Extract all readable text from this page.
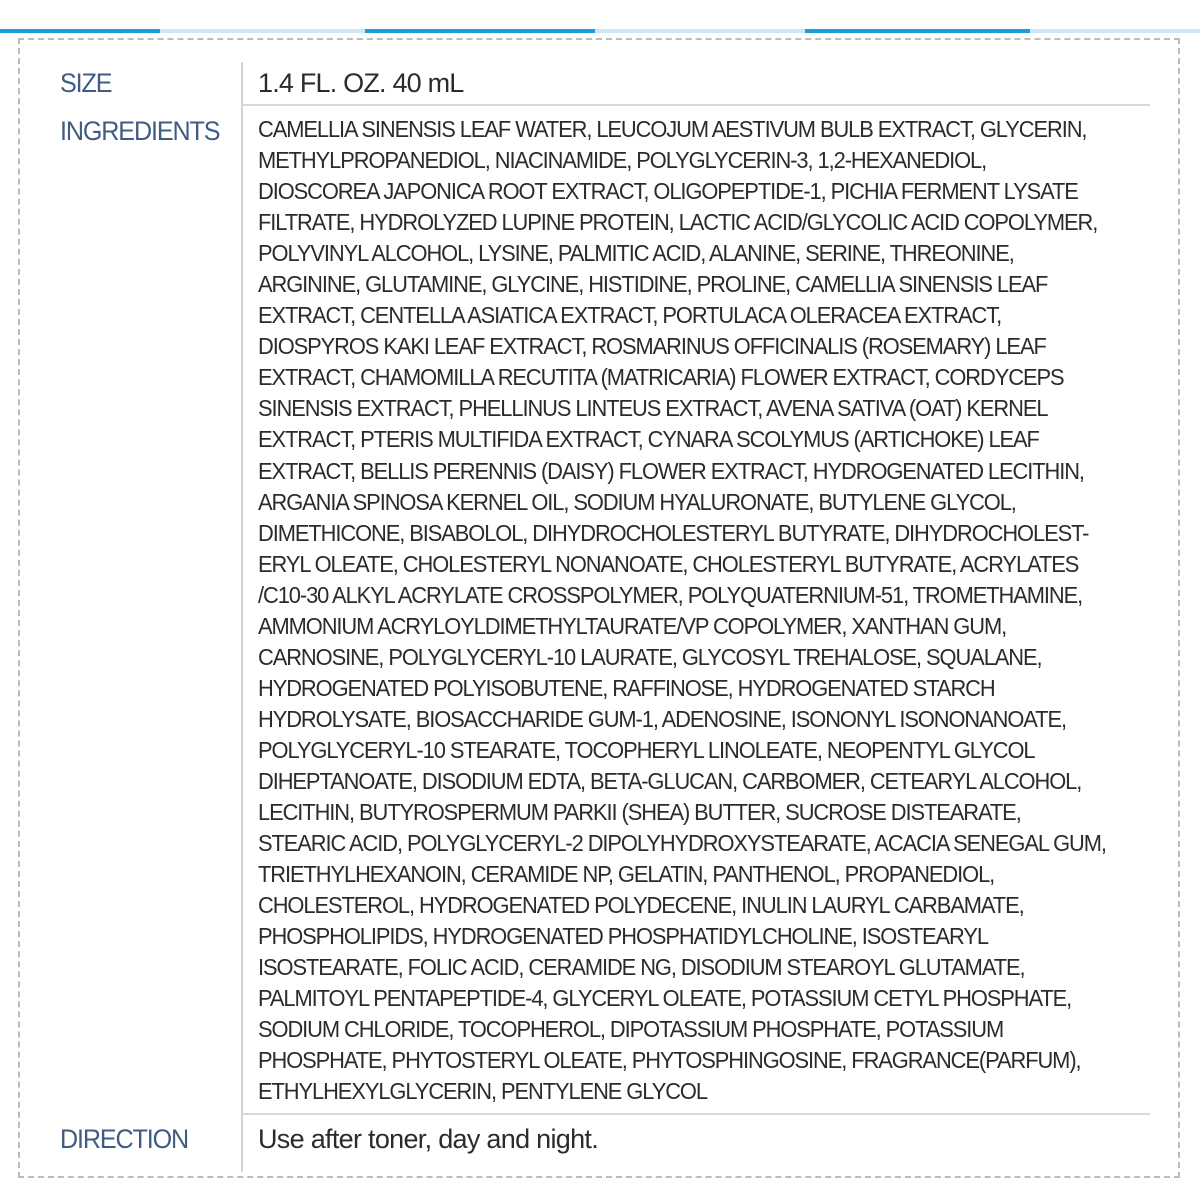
SIZE	1.4 FL. OZ. 40 mL
INGREDIENTS CAMELLIA SINENSIS LEAF WATER, LEUCOJUM AESTIVUM BULB EXTRACT, GLYCERIN,
METHYLPROPANEDIOL, NIACINAMIDE, POLYGLYCERIN-3, 1,2-HEXANEDIOL,
DIOSCOREA JAPONICA ROOT EXTRACT, OLIGOPEPTIDE-1, PICHIA FERMENT LYSATE
FILTRATE, HYDROLYZED LUPINE PROTEIN, LACTIC ACID/GLYCOLIC ACID COPOLYMER,
POLYVINYL ALCOHOL, LYSINE, PALMITIC ACID, ALANINE, SERINE, THREONINE,
ARGININE, GLUTAMINE, GLYCINE, HISTIDINE, PROLINE, CAMELLIA SINENSIS LEAF
EXTRACT, CENTELLA ASIATICA EXTRACT, PORTULACA OLERACEA EXTRACT,
DIOSPYROS KAKI LEAF EXTRACT, ROSMARINUS OFFICINALIS (ROSEMARY) LEAF
EXTRACT, CHAMOMILLA RECUTITA (MATRICARIA) FLOWER EXTRACT, CORDYCEPS
SINENSIS EXTRACT, PHELLINUS LINTEUS EXTRACT, AVENA SATIVA (OAT) KERNEL
EXTRACT, PTERIS MULTIFIDA EXTRACT, CYNARA SCOLYMUS (ARTICHOKE) LEAF
EXTRACT, BELLIS PERENNIS (DAISY) FLOWER EXTRACT, HYDROGENATED LECITHIN,
ARGANIA SPINOSA KERNEL OIL, SODIUM HYALURONATE, BUTYLENE GLYCOL,
DIMETHICONE, BISABOLOL, DIHYDROCHOLESTERYL BUTYRATE, DIHYDROCHOLEST-
ERYL OLEATE, CHOLESTERYL NONANOATE, CHOLESTERYL BUTYRATE, ACRYLATES
/C10-30 ALKYL ACRYLATE CROSSPOLYMER, POLYQUATERNIUM-51, TROMETHAMINE,
AMMONIUM ACRYLOYLDIMETHYLTAURATE/VP COPOLYMER, XANTHAN GUM,
CARNOSINE, POLYGLYCERYL-10 LAURATE, GLYCOSYL TREHALOSE, SQUALANE,
HYDROGENATED POLYISOBUTENE, RAFFINOSE, HYDROGENATED STARCH
HYDROLYSATE, BIOSACCHARIDE GUM-1, ADENOSINE, ISONONYL ISONONANOATE,
POLYGLYCERYL-10 STEARATE, TOCOPHERYL LINOLEATE, NEOPENTYL GLYCOL
DIHEPTANOATE, DISODIUM EDTA, BETA-GLUCAN, CARBOMER, CETEARYL ALCOHOL,
LECITHIN, BUTYROSPERMUM PARKII (SHEA) BUTTER, SUCROSE DISTEARATE,
STEARIC ACID, POLYGLYCERYL-2 DIPOLYHYDROXYSTEARATE, ACACIA SENEGAL GUM,
TRIETHYLHEXANOIN, CERAMIDE NP, GELATIN, PANTHENOL, PROPANEDIOL,
CHOLESTEROL, HYDROGENATED POLYDECENE, INULIN LAURYL CARBAMATE,
PHOSPHOLIPIDS, HYDROGENATED PHOSPHATIDYLCHOLINE, ISOSTEARYL
ISOSTEARATE, FOLIC ACID, CERAMIDE NG, DISODIUM STEAROYL GLUTAMATE,
PALMITOYL PENTAPEPTIDE-4, GLYCERYL OLEATE, POTASSIUM CETYL PHOSPHATE,
SODIUM CHLORIDE, TOCOPHEROL, DIPOTASSIUM PHOSPHATE, POTASSIUM
PHOSPHATE, PHYTOSTERYL OLEATE, PHYTOSPHINGOSINE, FRAGRANCE(PARFUM),
ETHYLHEXYLGLYCERIN, PENTYLENE GLYCOL
DIRECTION	Use after toner, day and night.
